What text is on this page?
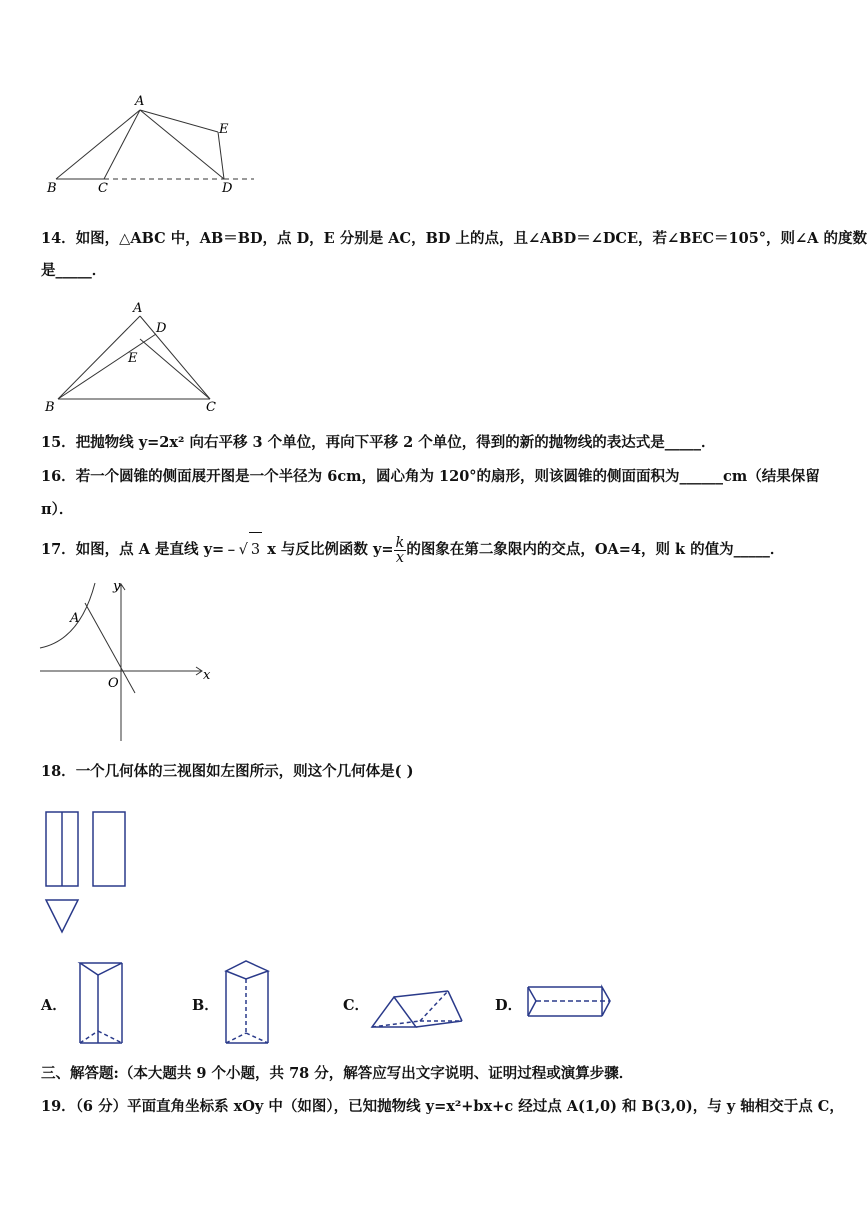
A
E
B	C	D
14．如图，△ABC 中，AB＝BD，点 D，E 分别是 AC，BD 上的点，且∠ABD＝∠DCE，若∠BEC＝105°，则∠A 的度数
是_____．
A
D
E
B	C
15．把抛物线 y=2x² 向右平移 3 个单位，再向下平移 2 个单位，得到的新的抛物线的表达式是_____．
16．若一个圆锥的侧面展开图是一个半径为 6cm，圆心角为 120°的扇形，则该圆锥的侧面面积为______cm（结果保留
π）．
17．如图，点 A 是直线 y=﹣√ 3 x 与反比例函数 $y= \frac{k}{x}$ 的图象在第二象限内的交点，OA=4，则 k 的值为_____．
y
A
O
x
18．一个几何体的三视图如左图所示，则这个几何体是( )
A．	B．	C．	D．
三、解答题:（本大题共 9 个小题，共 78 分，解答应写出文字说明、证明过程或演算步骤．
19．（6 分）平面直角坐标系 xOy 中（如图），已知抛物线 y=x²+bx+c 经过点 A(1,0) 和 B(3,0)，与 y 轴相交于点 C，
